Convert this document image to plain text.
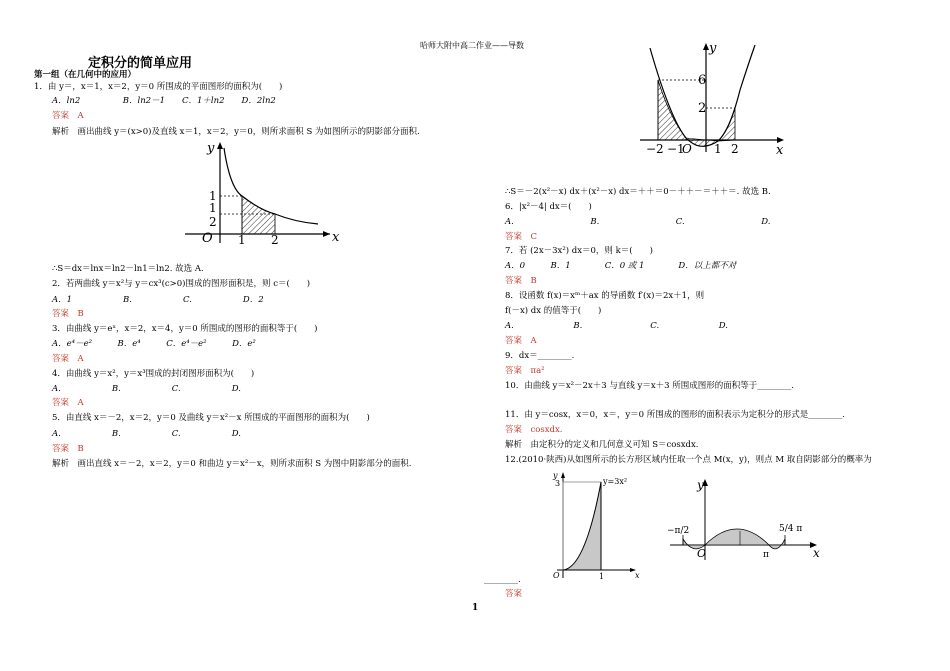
哈师大附中高二作业——导数
定积分的简单应用
第一组（在几何中的应用）
1．由 y＝，x＝1，x＝2，y＝0 所围成的平面图形的面积为(　　)
A．ln2　　　　　B．ln2－1　　C．1＋ln2　　D．2ln2
答案　A
解析　画出曲线 y＝(x>0)及直线 x＝1，x＝2，y＝0，则所求面积 S 为如图所示的阴影部分面积.
y
x
O 1 2
1
1
2
∴S＝dx＝lnx＝ln2－ln1＝ln2. 故选 A.
2．若两曲线 y＝x²与 y＝cx³(c>0)围成的图形面积是，则 c＝(　　)
A．1　　　　　　B.　　　　　　C.　　　　　　D．2
答案　B
3．由曲线 y＝eˣ，x＝2，x＝4，y＝0 所围成的图形的面积等于(　　)
A．e⁴－e²　　　B．e⁴　　　C．e⁴－e²　　　D．e²
答案　A
4．由曲线 y＝x²，y＝x³围成的封闭图形面积为(　　)
A.　　　　　　B.　　　　　　C.　　　　　　D.
答案　A
5．由直线 x＝－2，x＝2，y＝0 及曲线 y＝x²－x 所围成的平面图形的面积为(　　)
A.　　　　　　B.　　　　　　C.　　　　　　D.
答案　B
解析　画出直线 x＝－2，x＝2，y＝0 和曲边 y＝x²－x，则所求面积 S 为图中阴影部分的面积.
y
x
6
2
−2 −1
O 1 2
∴S＝－2(x²－x) dx＋(x²－x) dx＝＋＋＝0－＋＋－＝＋＋＝. 故选 B.
6．|x²－4| dx＝(　　)
A.　　　　　　　　　B.　　　　　　　　　C.　　　　　　　　　D.
答案　C
7．若 (2x－3x²) dx＝0，则 k＝(　　)
A．0　　　B．1　　　　C．0 或 1　　　　D．以上都不对
答案　B
8．设函数 f(x)＝xᵐ＋ax 的导函数 f′(x)＝2x＋1，则
f(－x) dx 的值等于(　　)
A.　　　　　　　B.　　　　　　　　C.　　　　　　　D.
答案　A
9．dx＝________.
答案　πa²
10．由曲线 y＝x²－2x＋3 与直线 y＝x＋3 所围成图形的面积等于________.
11．由 y＝cosx，x＝0，x＝，y＝0 所围成的图形的面积表示为定积分的形式是________.
答案　cosxdx.
解析　由定积分的定义和几何意义可知 S＝cosxdx.
12.(2010·陕西)从如图所示的长方形区域内任取一个点 M(x，y)，则点 M 取自阴影部分的概率为
y
x
y=3x²
3
O	1
y
x
−π/2
π
5/4 π
O
________.
答案
1
